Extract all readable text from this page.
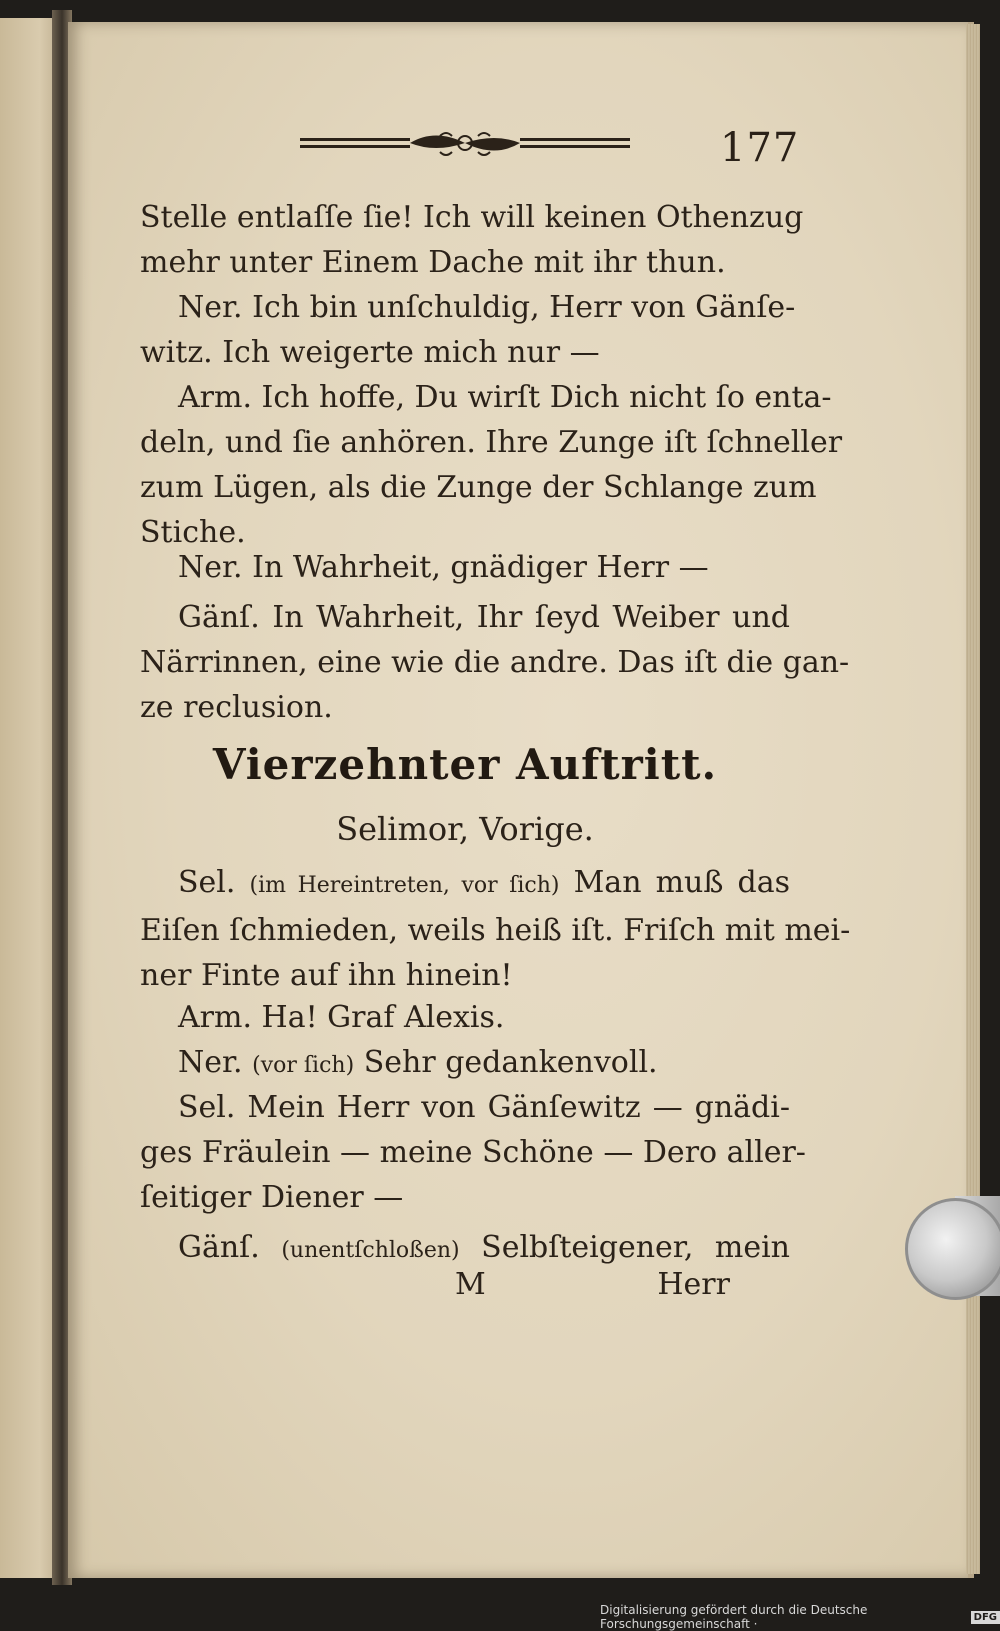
177
Stelle entlaſſe ſie! Ich will keinen Othenzug
mehr unter Einem Dache mit ihr thun.
Ner. Ich bin unſchuldig, Herr von Gänſe‑
witz. Ich weigerte mich nur —
Arm. Ich hoffe, Du wirſt Dich nicht ſo enta‑
deln, und ſie anhören. Ihre Zunge iſt ſchneller
zum Lügen, als die Zunge der Schlange zum
Stiche.
Ner. In Wahrheit, gnädiger Herr —
Gänſ. In Wahrheit, Ihr ſeyd Weiber und
Närrinnen, eine wie die andre. Das iſt die gan‑
ze reclusion.
Vierzehnter Auftritt.
Selimor, Vorige.
Sel. (im Hereintreten, vor ſich) Man muß das
Eiſen ſchmieden, weils heiß iſt. Friſch mit mei‑
ner Finte auf ihn hinein!
Arm. Ha! Graf Alexis.
Ner. (vor ſich) Sehr gedankenvoll.
Sel. Mein Herr von Gänſewitz — gnädi‑
ges Fräulein — meine Schöne — Dero aller‑
ſeitiger Diener —
Gänſ. (unentſchloßen) Selbſteigener, mein
M	Herr
Digitalisierung gefördert durch die Deutsche Forschungsgemeinschaft ·	DFG
